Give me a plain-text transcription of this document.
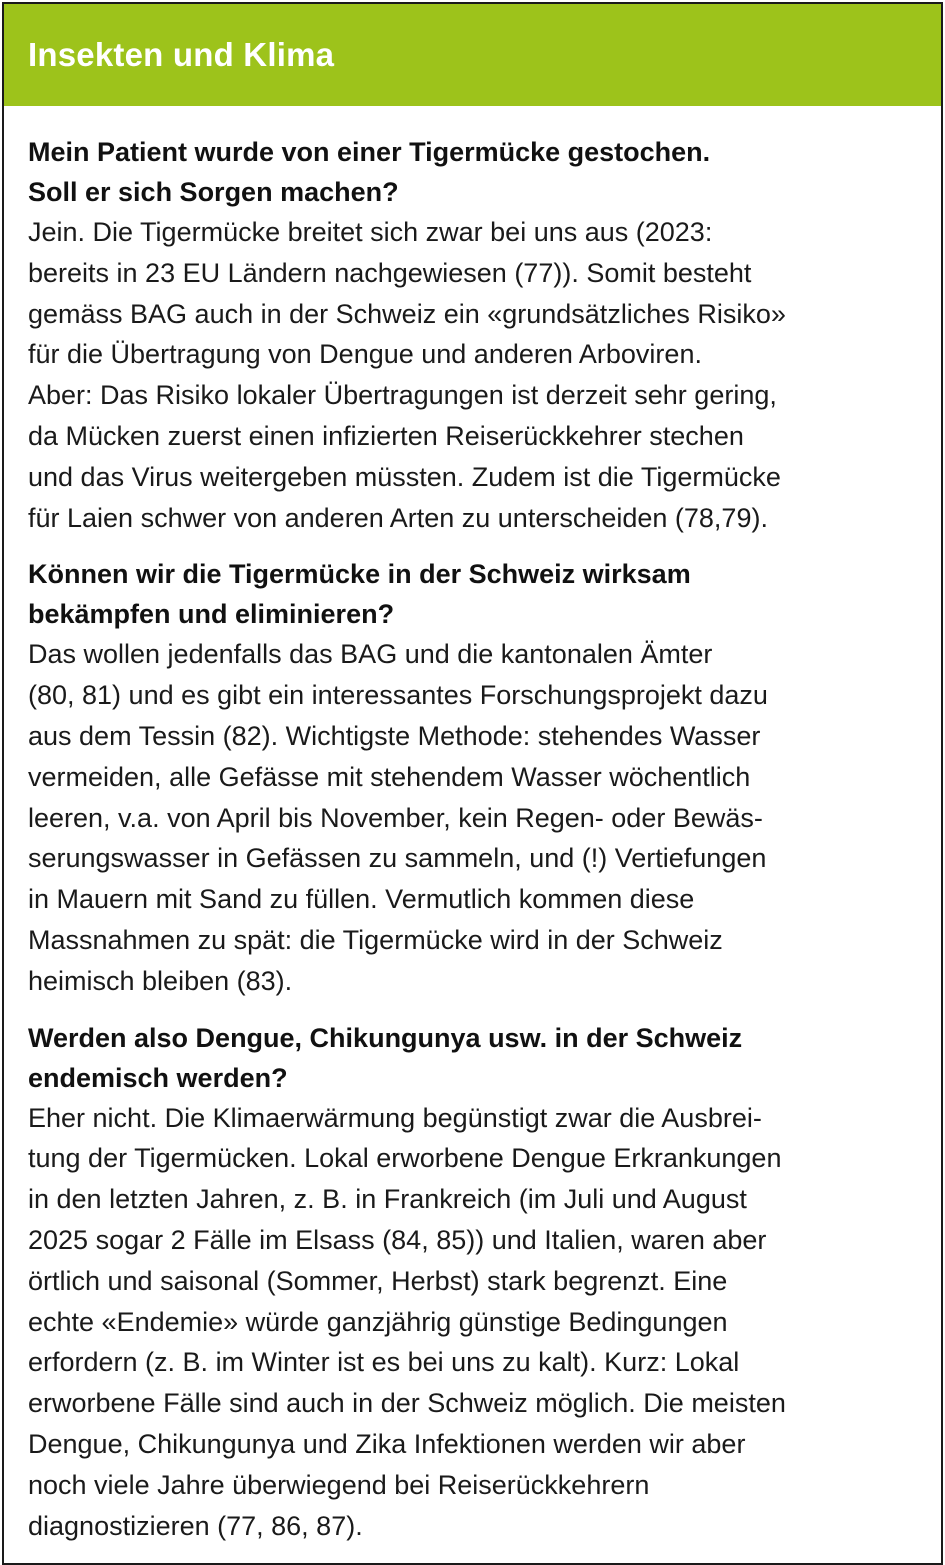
Insekten und Klima

Mein Patient wurde von einer Tigermücke gestochen.
Soll er sich Sorgen machen?

Jein. Die Tigermücke breitet sich zwar bei uns aus (2023:
bereits in 23 EU Ländern nachgewiesen (77)). Somit besteht
gemäss BAG auch in der Schweiz ein «grundsätzliches Risiko»
für die Übertragung von Dengue und anderen Arboviren.
Aber: Das Risiko lokaler Übertragungen ist derzeit sehr gering,
da Mücken zuerst einen infizierten Reiserückkehrer stechen
und das Virus weitergeben müssten. Zudem ist die Tigermücke
für Laien schwer von anderen Arten zu unterscheiden (78,79).

Können wir die Tigermücke in der Schweiz wirksam
bekämpfen und eliminieren?

Das wollen jedenfalls das BAG und die kantonalen Ämter
(80, 81) und es gibt ein interessantes Forschungsprojekt dazu
aus dem Tessin (82). Wichtigste Methode: stehendes Wasser
vermeiden, alle Gefässe mit stehendem Wasser wöchentlich
leeren, v.a. von April bis November, kein Regen- oder Bewäs-
serungswasser in Gefässen zu sammeln, und (!) Vertiefungen
in Mauern mit Sand zu füllen. Vermutlich kommen diese
Massnahmen zu spät: die Tigermücke wird in der Schweiz
heimisch bleiben (83).

Werden also Dengue, Chikungunya usw. in der Schweiz
endemisch werden?

Eher nicht. Die Klimaerwärmung begünstigt zwar die Ausbrei-
tung der Tigermücken. Lokal erworbene Dengue Erkrankungen
in den letzten Jahren, z. B. in Frankreich (im Juli und August
2025 sogar 2 Fälle im Elsass (84, 85)) und Italien, waren aber
örtlich und saisonal (Sommer, Herbst) stark begrenzt. Eine
echte «Endemie» würde ganzjährig günstige Bedingungen
erfordern (z. B. im Winter ist es bei uns zu kalt). Kurz: Lokal
erworbene Fälle sind auch in der Schweiz möglich. Die meisten
Dengue, Chikungunya und Zika Infektionen werden wir aber
noch viele Jahre überwiegend bei Reiserückkehrern
diagnostizieren (77, 86, 87).
